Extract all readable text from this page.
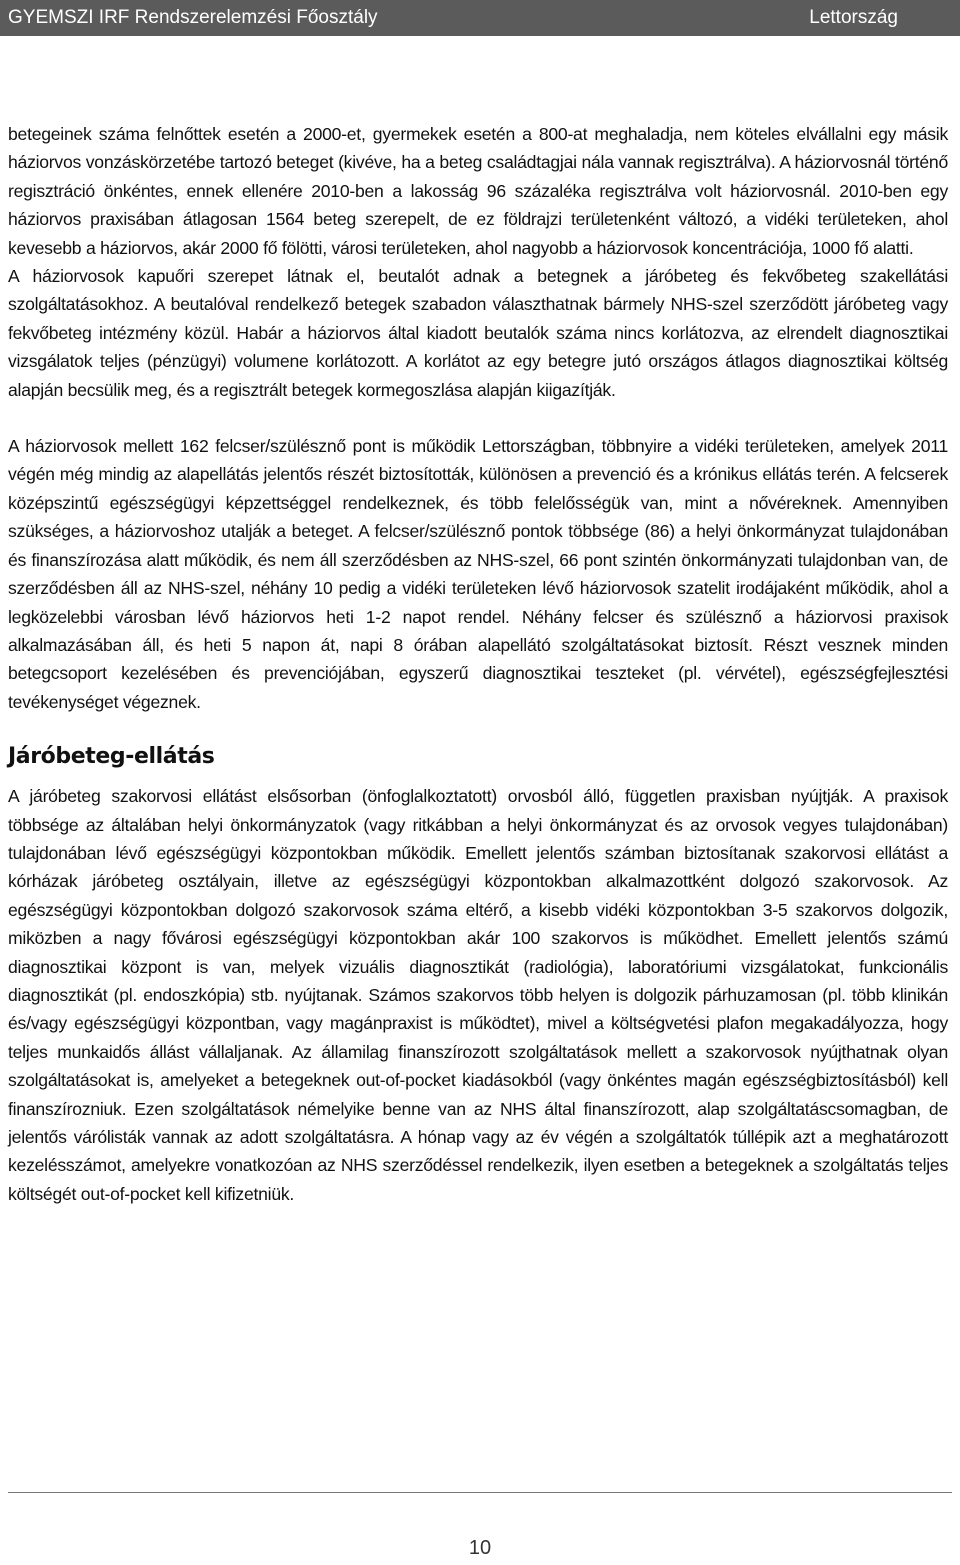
GYEMSZI IRF Rendszerelemzési Főosztály	Lettország

betegeinek száma felnőttek esetén a 2000-et, gyermekek esetén a 800-at meghaladja, nem köteles elvállalni egy másik háziorvos vonzáskörzetébe tartozó beteget (kivéve, ha a beteg családtagjai nála vannak regisztrálva). A háziorvosnál történő regisztráció önkéntes, ennek ellenére 2010-ben a lakosság 96 százaléka regisztrálva volt háziorvosnál. 2010-ben egy háziorvos praxisában átlagosan 1564 beteg szerepelt, de ez földrajzi területenként változó, a vidéki területeken, ahol kevesebb a háziorvos, akár 2000 fő fölötti, városi területeken, ahol nagyobb a háziorvosok koncentrációja, 1000 fő alatti.

A háziorvosok kapuőri szerepet látnak el, beutalót adnak a betegnek a járóbeteg és fekvőbeteg szakellátási szolgáltatásokhoz. A beutalóval rendelkező betegek szabadon választhatnak bármely NHS-szel szerződött járóbeteg vagy fekvőbeteg intézmény közül. Habár a háziorvos által kiadott beutalók száma nincs korlátozva, az elrendelt diagnosztikai vizsgálatok teljes (pénzügyi) volumene korlátozott. A korlátot az egy betegre jutó országos átlagos diagnosztikai költség alapján becsülik meg, és a regisztrált betegek kormegoszlása alapján kiigazítják.

A háziorvosok mellett 162 felcser/szülésznő pont is működik Lettországban, többnyire a vidéki területeken, amelyek 2011 végén még mindig az alapellátás jelentős részét biztosították, különösen a prevenció és a krónikus ellátás terén. A felcserek középszintű egészségügyi képzettséggel rendelkeznek, és több felelősségük van, mint a nővéreknek. Amennyiben szükséges, a háziorvoshoz utalják a beteget. A felcser/szülésznő pontok többsége (86) a helyi önkormányzat tulajdonában és finanszírozása alatt működik, és nem áll szerződésben az NHS-szel, 66 pont szintén önkormányzati tulajdonban van, de szerződésben áll az NHS-szel, néhány 10 pedig a vidéki területeken lévő háziorvosok szatelit irodájaként működik, ahol a legközelebbi városban lévő háziorvos heti 1-2 napot rendel. Néhány felcser és szülésznő a háziorvosi praxisok alkalmazásában áll, és heti 5 napon át, napi 8 órában alapellátó szolgáltatásokat biztosít. Részt vesznek minden betegcsoport kezelésében és prevenciójában, egyszerű diagnosztikai teszteket (pl. vérvétel), egészségfejlesztési tevékenységet végeznek.

Járóbeteg-ellátás

A járóbeteg szakorvosi ellátást elsősorban (önfoglalkoztatott) orvosból álló, független praxisban nyújtják. A praxisok többsége az általában helyi önkormányzatok (vagy ritkábban a helyi önkormányzat és az orvosok vegyes tulajdonában) tulajdonában lévő egészségügyi központokban működik. Emellett jelentős számban biztosítanak szakorvosi ellátást a kórházak járóbeteg osztályain, illetve az egészségügyi központokban alkalmazottként dolgozó szakorvosok. Az egészségügyi központokban dolgozó szakorvosok száma eltérő, a kisebb vidéki központokban 3-5 szakorvos dolgozik, miközben a nagy fővárosi egészségügyi központokban akár 100 szakorvos is működhet. Emellett jelentős számú diagnosztikai központ is van, melyek vizuális diagnosztikát (radiológia), laboratóriumi vizsgálatokat, funkcionális diagnosztikát (pl. endoszkópia) stb. nyújtanak. Számos szakorvos több helyen is dolgozik párhuzamosan (pl. több klinikán és/vagy egészségügyi központban, vagy magánpraxist is működtet), mivel a költségvetési plafon megakadályozza, hogy teljes munkaidős állást vállaljanak. Az államilag finanszírozott szolgáltatások mellett a szakorvosok nyújthatnak olyan szolgáltatásokat is, amelyeket a betegeknek out-of-pocket kiadásokból (vagy önkéntes magán egészségbiztosításból) kell finanszírozniuk. Ezen szolgáltatások némelyike benne van az NHS által finanszírozott, alap szolgáltatáscsomagban, de jelentős várólisták vannak az adott szolgáltatásra. A hónap vagy az év végén a szolgáltatók túllépik azt a meghatározott kezelésszámot, amelyekre vonatkozóan az NHS szerződéssel rendelkezik, ilyen esetben a betegeknek a szolgáltatás teljes költségét out-of-pocket kell kifizetniük.

10
